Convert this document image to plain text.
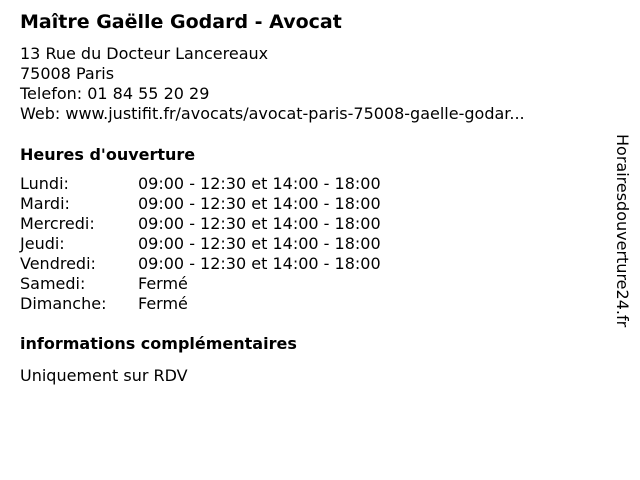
Maître Gaëlle Godard - Avocat
13 Rue du Docteur Lancereaux
75008 Paris
Telefon: 01 84 55 20 29
Web: www.justifit.fr/avocats/avocat-paris-75008-gaelle-godar...
Heures d'ouverture
Lundi:	09:00 - 12:30 et 14:00 - 18:00
Mardi:	09:00 - 12:30 et 14:00 - 18:00
Mercredi:	09:00 - 12:30 et 14:00 - 18:00
Jeudi:	09:00 - 12:30 et 14:00 - 18:00
Vendredi:	09:00 - 12:30 et 14:00 - 18:00
Samedi:	Fermé
Dimanche: Fermé
informations complémentaires
Uniquement sur RDV
Horairesdouverture24.fr
